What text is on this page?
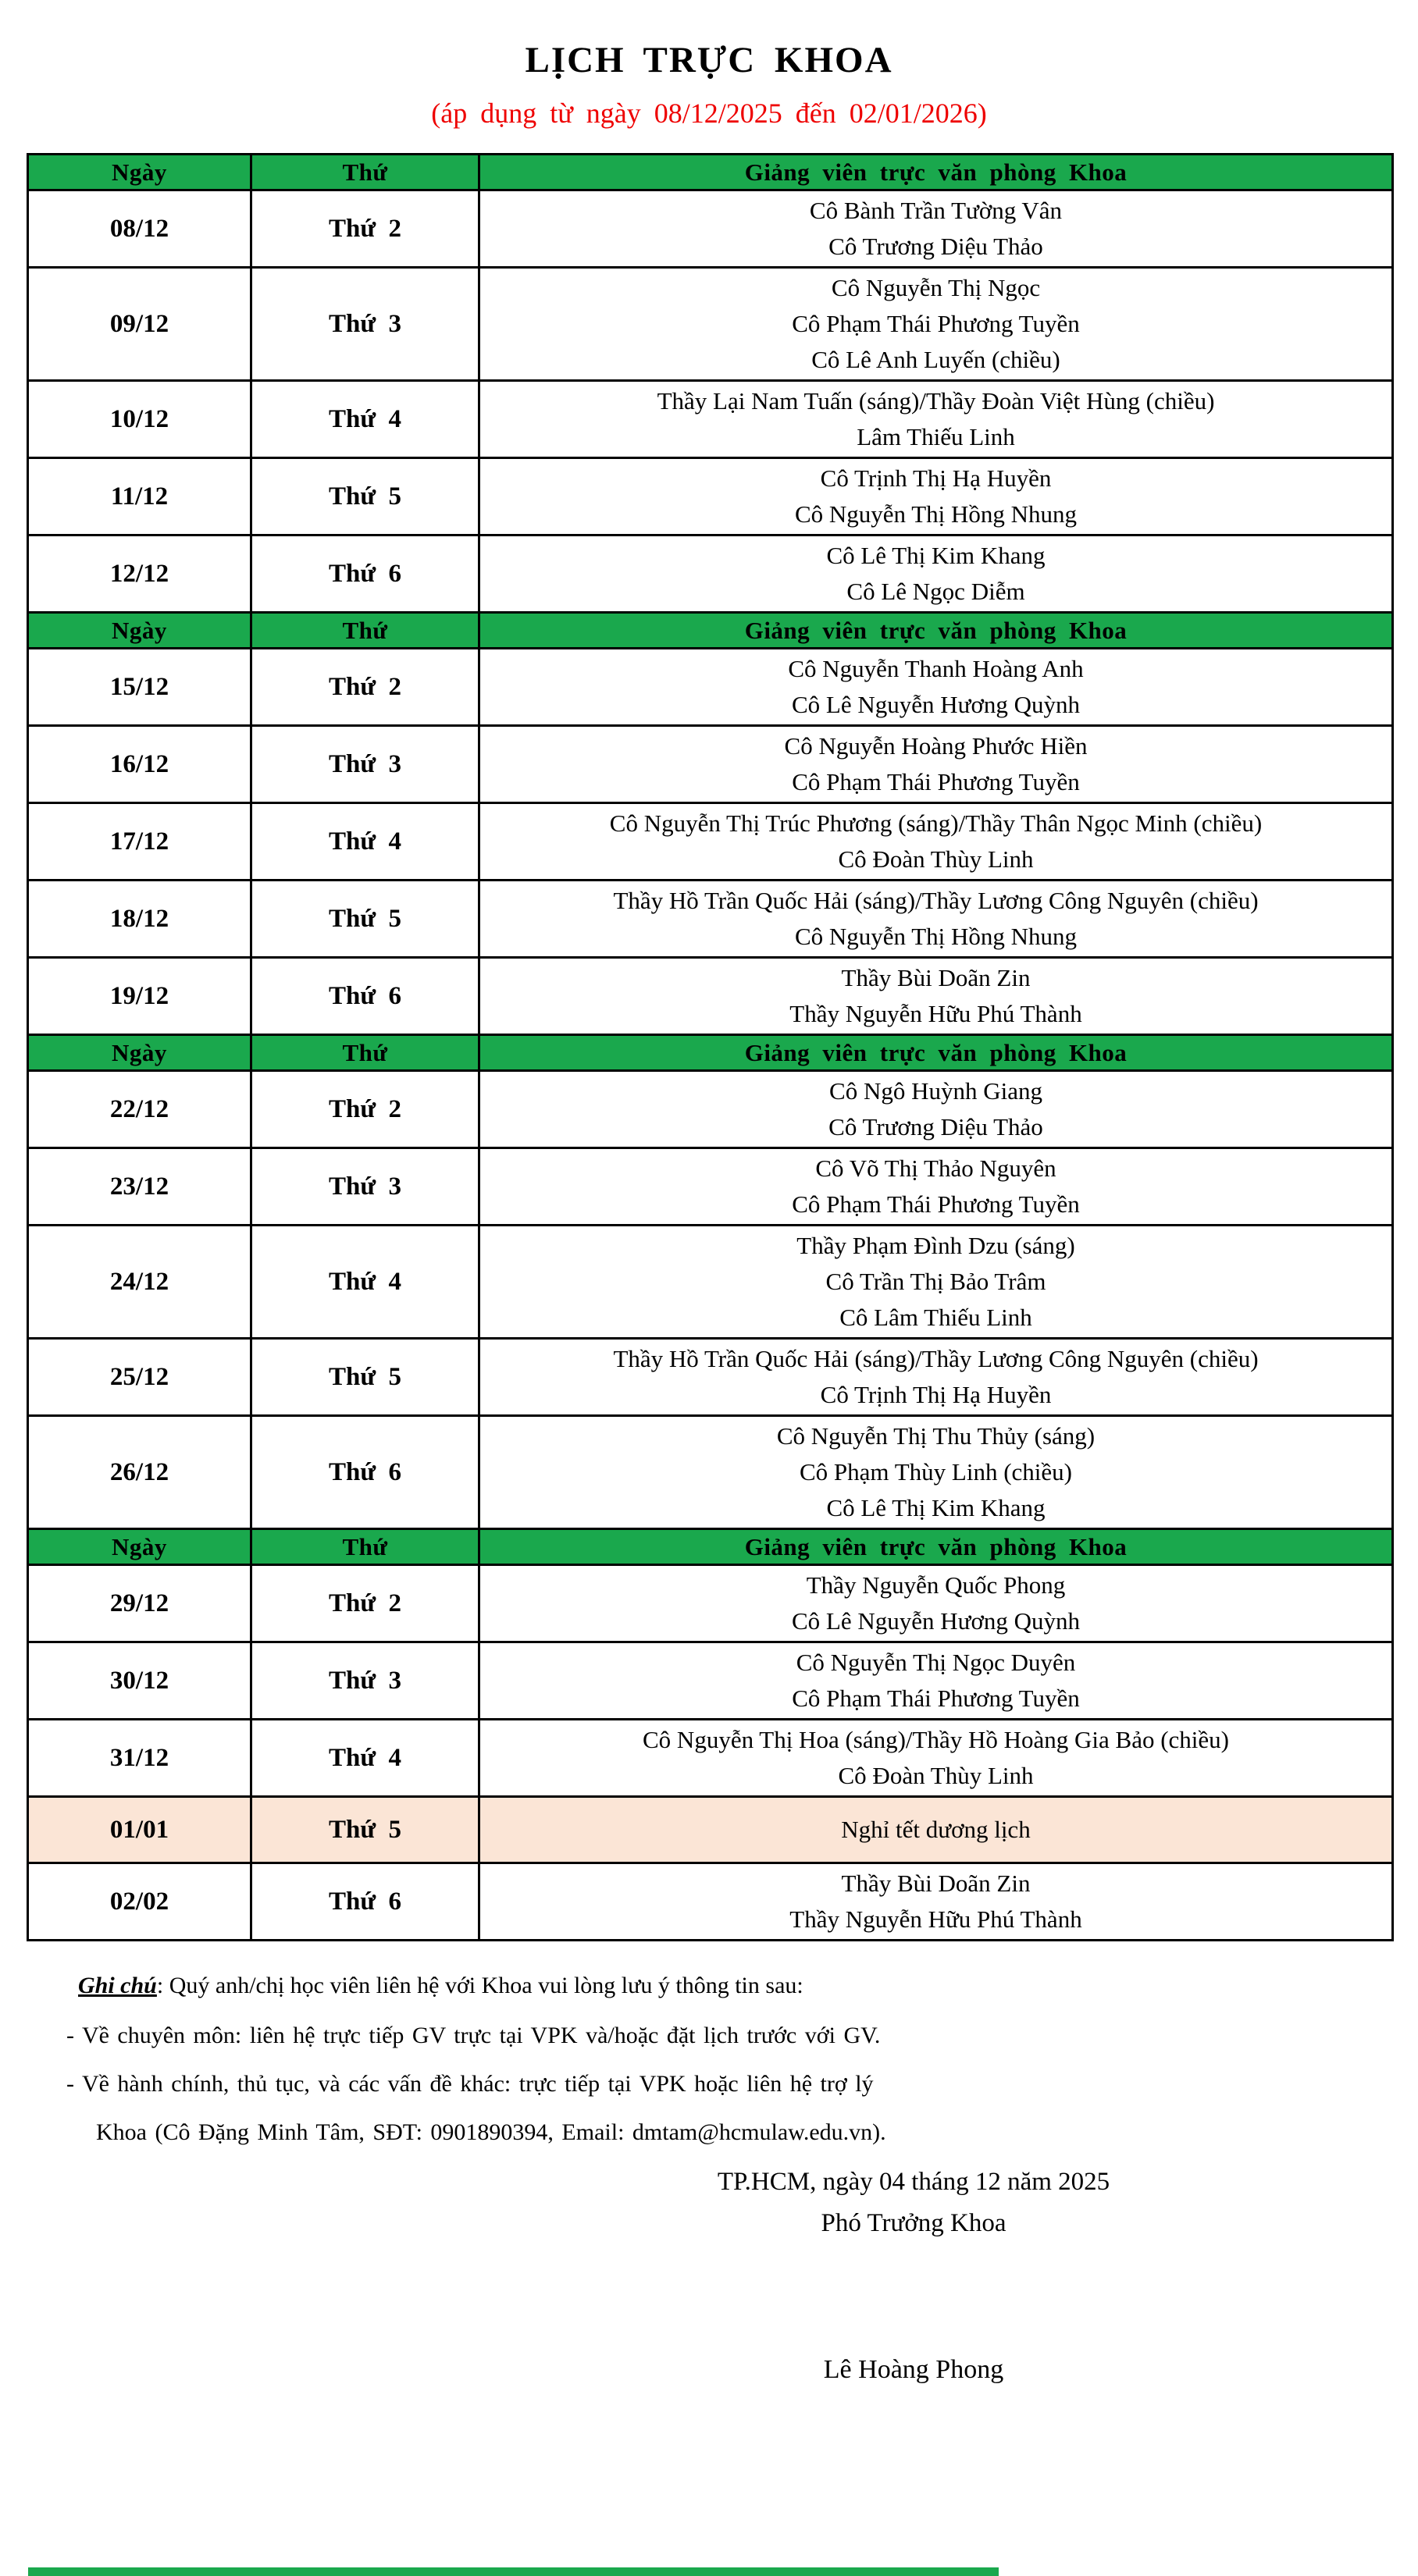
LỊCH TRỰC KHOA
(áp dụng từ ngày 08/12/2025 đến 02/01/2026)
Ngày	Thứ	Giảng viên trực văn phòng Khoa
08/12	Thứ 2	Cô Bành Trần Tường Vân
Cô Trương Diệu Thảo

09/12	Thứ 3	Cô Nguyễn Thị Ngọc
Cô Phạm Thái Phương Tuyền
Cô Lê Anh Luyến (chiều)

10/12	Thứ 4	Thầy Lại Nam Tuấn (sáng)/Thầy Đoàn Việt Hùng (chiều)
Lâm Thiếu Linh

11/12	Thứ 5	Cô Trịnh Thị Hạ Huyền
Cô Nguyễn Thị Hồng Nhung

12/12	Thứ 6	Cô Lê Thị Kim Khang
Cô Lê Ngọc Diễm

Ngày	Thứ	Giảng viên trực văn phòng Khoa
15/12	Thứ 2	Cô Nguyễn Thanh Hoàng Anh
Cô Lê Nguyễn Hương Quỳnh

16/12	Thứ 3	Cô Nguyễn Hoàng Phước Hiền
Cô Phạm Thái Phương Tuyền

17/12	Thứ 4	Cô Nguyễn Thị Trúc Phương (sáng)/Thầy Thân Ngọc Minh (chiều)
Cô Đoàn Thùy Linh

18/12	Thứ 5	Thầy Hồ Trần Quốc Hải (sáng)/Thầy Lương Công Nguyên (chiều)
Cô Nguyễn Thị Hồng Nhung

19/12	Thứ 6	Thầy Bùi Doãn Zin
Thầy Nguyễn Hữu Phú Thành

Ngày	Thứ	Giảng viên trực văn phòng Khoa
22/12	Thứ 2	Cô Ngô Huỳnh Giang
Cô Trương Diệu Thảo

23/12	Thứ 3	Cô Võ Thị Thảo Nguyên
Cô Phạm Thái Phương Tuyền

24/12	Thứ 4	Thầy Phạm Đình Dzu (sáng)
Cô Trần Thị Bảo Trâm
Cô Lâm Thiếu Linh

25/12	Thứ 5	Thầy Hồ Trần Quốc Hải (sáng)/Thầy Lương Công Nguyên (chiều)
Cô Trịnh Thị Hạ Huyền

26/12	Thứ 6	Cô Nguyễn Thị Thu Thủy (sáng)
Cô Phạm Thùy Linh (chiều)
Cô Lê Thị Kim Khang

Ngày	Thứ	Giảng viên trực văn phòng Khoa
29/12	Thứ 2	Thầy Nguyễn Quốc Phong
Cô Lê Nguyễn Hương Quỳnh

30/12	Thứ 3	Cô Nguyễn Thị Ngọc Duyên
Cô Phạm Thái Phương Tuyền

31/12	Thứ 4	Cô Nguyễn Thị Hoa (sáng)/Thầy Hồ Hoàng Gia Bảo (chiều)
Cô Đoàn Thùy Linh

01/01	Thứ 5	Nghỉ tết dương lịch

02/02	Thứ 6	Thầy Bùi Doãn Zin
Thầy Nguyễn Hữu Phú Thành
Ghi chú: Quý anh/chị học viên liên hệ với Khoa vui lòng lưu ý thông tin sau:
- Về chuyên môn: liên hệ trực tiếp GV trực tại VPK và/hoặc đặt lịch trước với GV.
- Về hành chính, thủ tục, và các vấn đề khác: trực tiếp tại VPK hoặc liên hệ trợ lý
Khoa (Cô Đặng Minh Tâm, SĐT: 0901890394, Email: dmtam@hcmulaw.edu.vn).
TP.HCM, ngày 04 tháng 12 năm 2025
Phó Trưởng Khoa
Lê Hoàng Phong
